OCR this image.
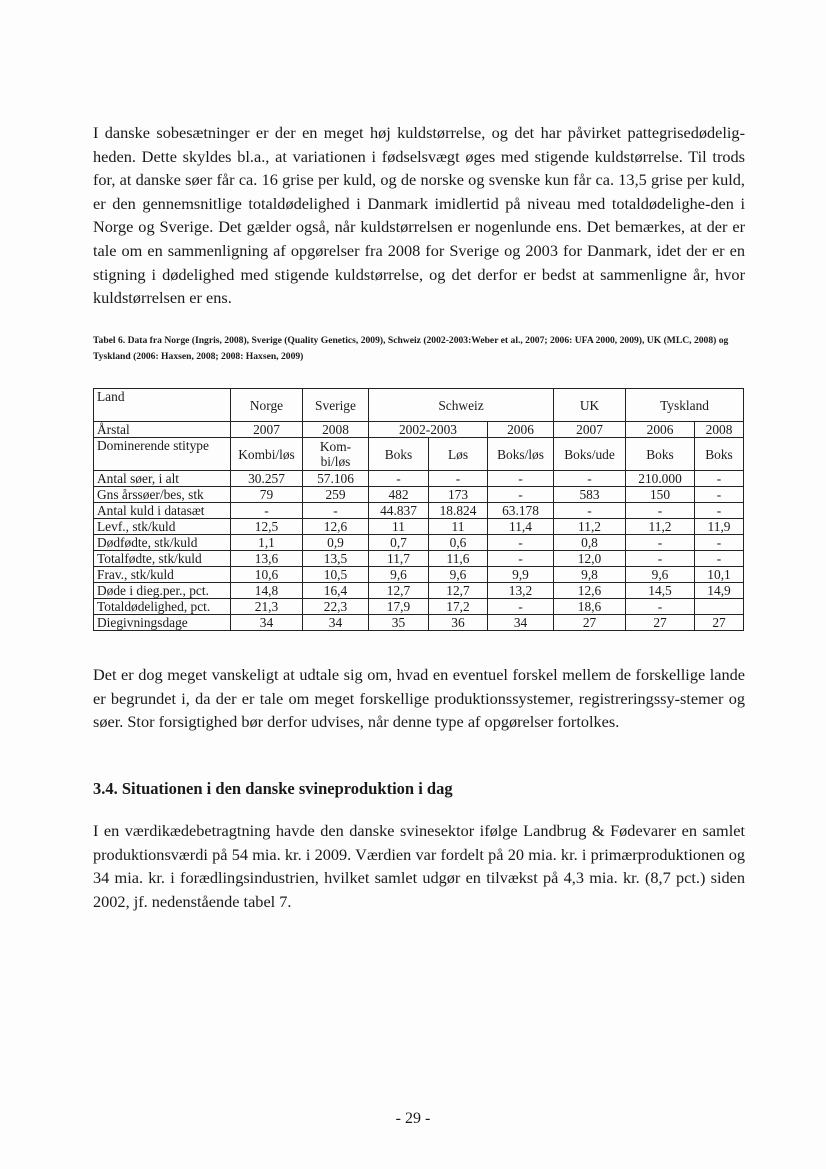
I danske sobesætninger er der en meget høj kuldstørrelse, og det har påvirket pattegrisedødelig-heden. Dette skyldes bl.a., at variationen i fødselsvægt øges med stigende kuldstørrelse. Til trods for, at danske søer får ca. 16 grise per kuld, og de norske og svenske kun får ca. 13,5 grise per kuld, er den gennemsnitlige totaldødelighed i Danmark imidlertid på niveau med totaldødelighe-den i Norge og Sverige. Det gælder også, når kuldstørrelsen er nogenlunde ens. Det bemærkes, at der er tale om en sammenligning af opgørelser fra 2008 for Sverige og 2003 for Danmark, idet der er en stigning i dødelighed med stigende kuldstørrelse, og det derfor er bedst at sammenligne år, hvor kuldstørrelsen er ens.

Tabel 6. Data fra Norge (Ingris, 2008), Sverige (Quality Genetics, 2009), Schweiz (2002-2003:Weber et al., 2007; 2006: UFA 2000, 2009), UK (MLC, 2008) og Tyskland (2006: Haxsen, 2008; 2008: Haxsen, 2009)
Land	Norge	Sverige	Schweiz			UK	Tyskland	
Årstal	2007	2008	2002-2003		2006	2007	2006	2008
Dominerende stitype	Kombi/løs	Kom-bi/løs	Boks	Løs	Boks/løs	Boks/ude	Boks	Boks
Antal søer, i alt	30.257	57.106	-	-	-	-	210.000	-
Gns årssøer/bes, stk	79	259	482	173	-	583	150	-
Antal kuld i datasæt	-	-	44.837	18.824	63.178	-	-	-
Levf., stk/kuld	12,5	12,6	11	11	11,4	11,2	11,2	11,9
Dødfødte, stk/kuld	1,1	0,9	0,7	0,6	-	0,8	-	-
Totalfødte, stk/kuld	13,6	13,5	11,7	11,6	-	12,0	-	-
Frav., stk/kuld	10,6	10,5	9,6	9,6	9,9	9,8	9,6	10,1
Døde i dieg.per., pct.	14,8	16,4	12,7	12,7	13,2	12,6	14,5	14,9
Totaldødelighed, pct.	21,3	22,3	17,9	17,2	-	18,6	-	
Diegivningsdage	34	34	35	36	34	27	27	27

Det er dog meget vanskeligt at udtale sig om, hvad en eventuel forskel mellem de forskellige lande er begrundet i, da der er tale om meget forskellige produktionssystemer, registreringssy-stemer og søer. Stor forsigtighed bør derfor udvises, når denne type af opgørelser fortolkes.

3.4. Situationen i den danske svineproduktion i dag

I en værdikædebetragtning havde den danske svinesektor ifølge Landbrug & Fødevarer en samlet produktionsværdi på 54 mia. kr. i 2009. Værdien var fordelt på 20 mia. kr. i primærproduktionen og 34 mia. kr. i forædlingsindustrien, hvilket samlet udgør en tilvækst på 4,3 mia. kr. (8,7 pct.) siden 2002, jf. nedenstående tabel 7.

- 29 -
